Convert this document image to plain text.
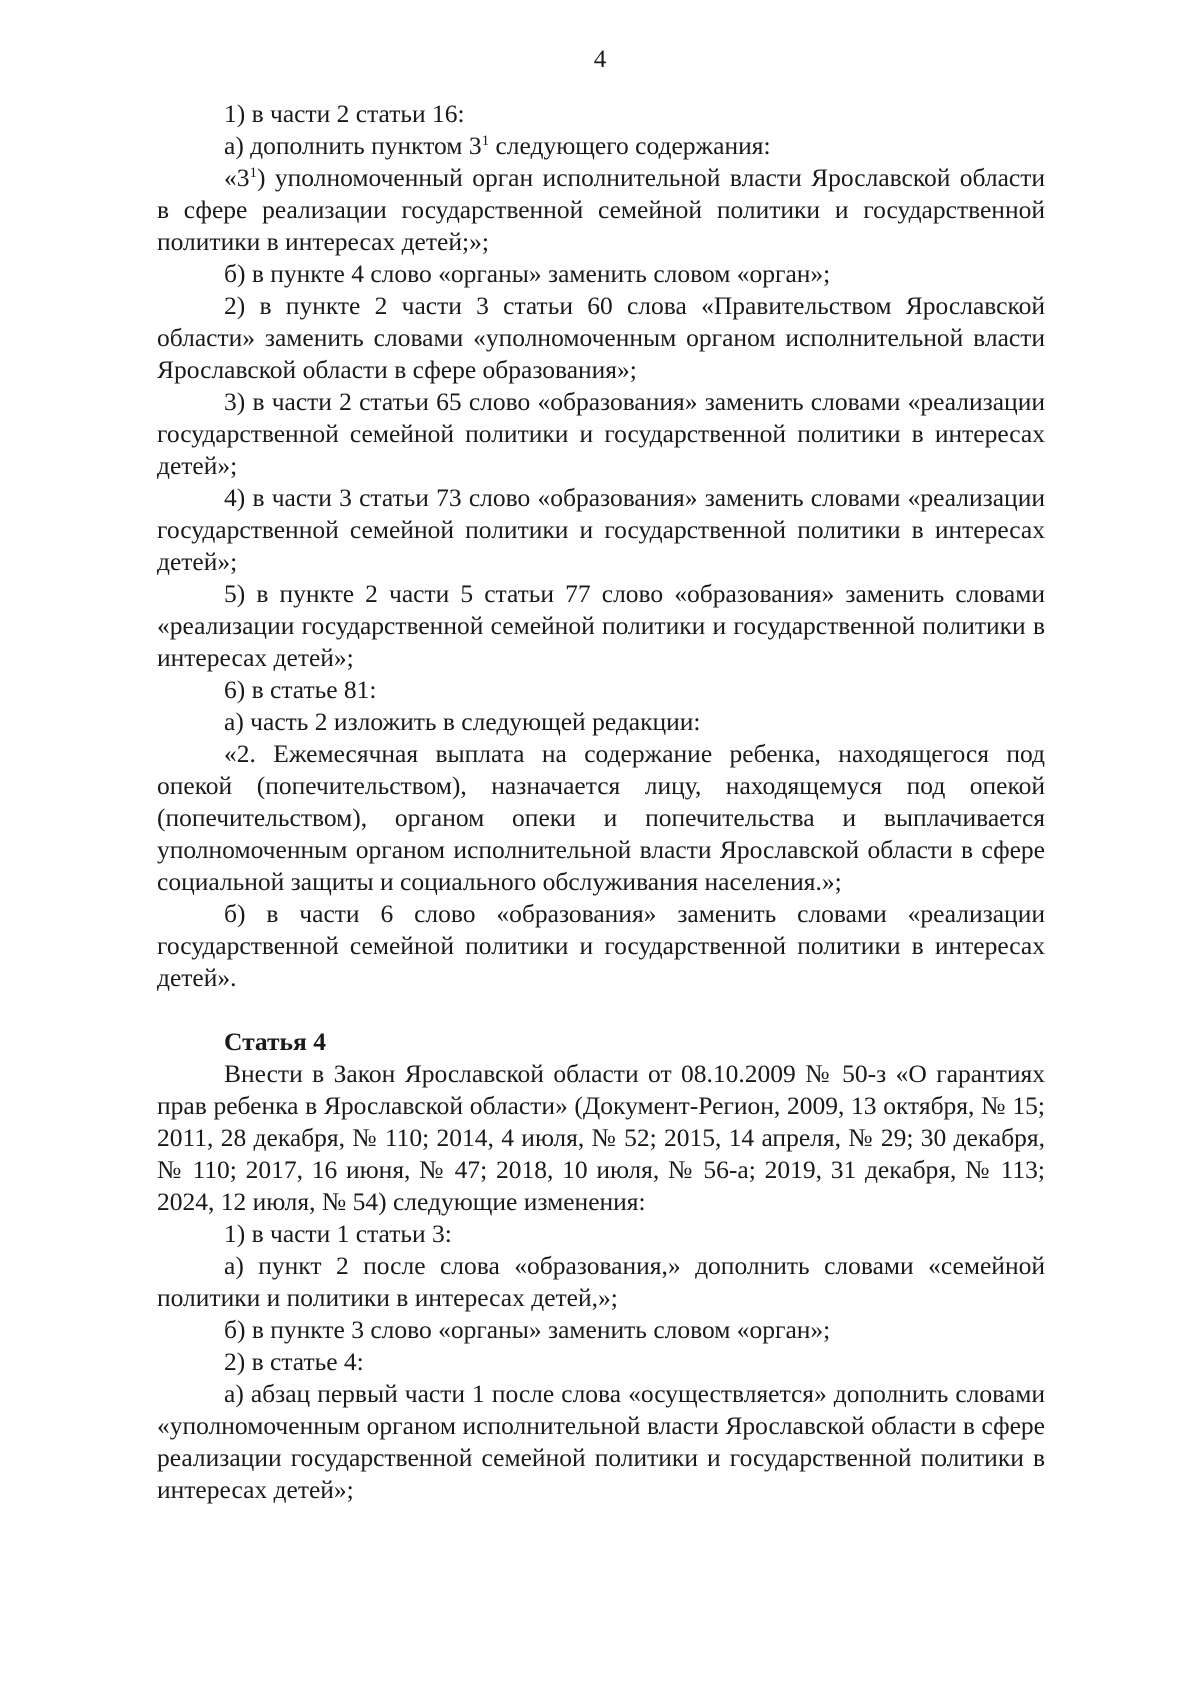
4

1) в части 2 статьи 16:

а) дополнить пунктом $3^1$ следующего содержания:

«$3^1$) уполномоченный орган исполнительной власти Ярославской области в сфере реализации государственной семейной политики и государственной политики в интересах детей;»;

б) в пункте 4 слово «органы» заменить словом «орган»;

2) в пункте 2 части 3 статьи 60 слова «Правительством Ярославской области» заменить словами «уполномоченным органом исполнительной власти Ярославской области в сфере образования»;

3) в части 2 статьи 65 слово «образования» заменить словами «реализации государственной семейной политики и государственной политики в интересах детей»;

4) в части 3 статьи 73 слово «образования» заменить словами «реализации государственной семейной политики и государственной политики в интересах детей»;

5) в пункте 2 части 5 статьи 77 слово «образования» заменить словами «реализации государственной семейной политики и государственной политики в интересах детей»;

6) в статье 81:

а) часть 2 изложить в следующей редакции:

«2. Ежемесячная выплата на содержание ребенка, находящегося под опекой (попечительством), назначается лицу, находящемуся под опекой (попечительством), органом опеки и попечительства и выплачивается уполномоченным органом исполнительной власти Ярославской области в сфере социальной защиты и социального обслуживания населения.»;

б) в части 6 слово «образования» заменить словами «реализации государственной семейной политики и государственной политики в интересах детей».

Статья 4

Внести в Закон Ярославской области от 08.10.2009 № 50-з «О гарантиях прав ребенка в Ярославской области» (Документ-Регион, 2009, 13 октября, № 15; 2011, 28 декабря, № 110; 2014, 4 июля, № 52; 2015, 14 апреля, № 29; 30 декабря, № 110; 2017, 16 июня, № 47; 2018, 10 июля, № 56-а; 2019, 31 декабря, № 113; 2024, 12 июля, № 54) следующие изменения:

1) в части 1 статьи 3:

а) пункт 2 после слова «образования,» дополнить словами «семейной политики и политики в интересах детей,»;

б) в пункте 3 слово «органы» заменить словом «орган»;

2) в статье 4:

а) абзац первый части 1 после слова «осуществляется» дополнить словами «уполномоченным органом исполнительной власти Ярославской области в сфере реализации государственной семейной политики и государственной политики в интересах детей»;
